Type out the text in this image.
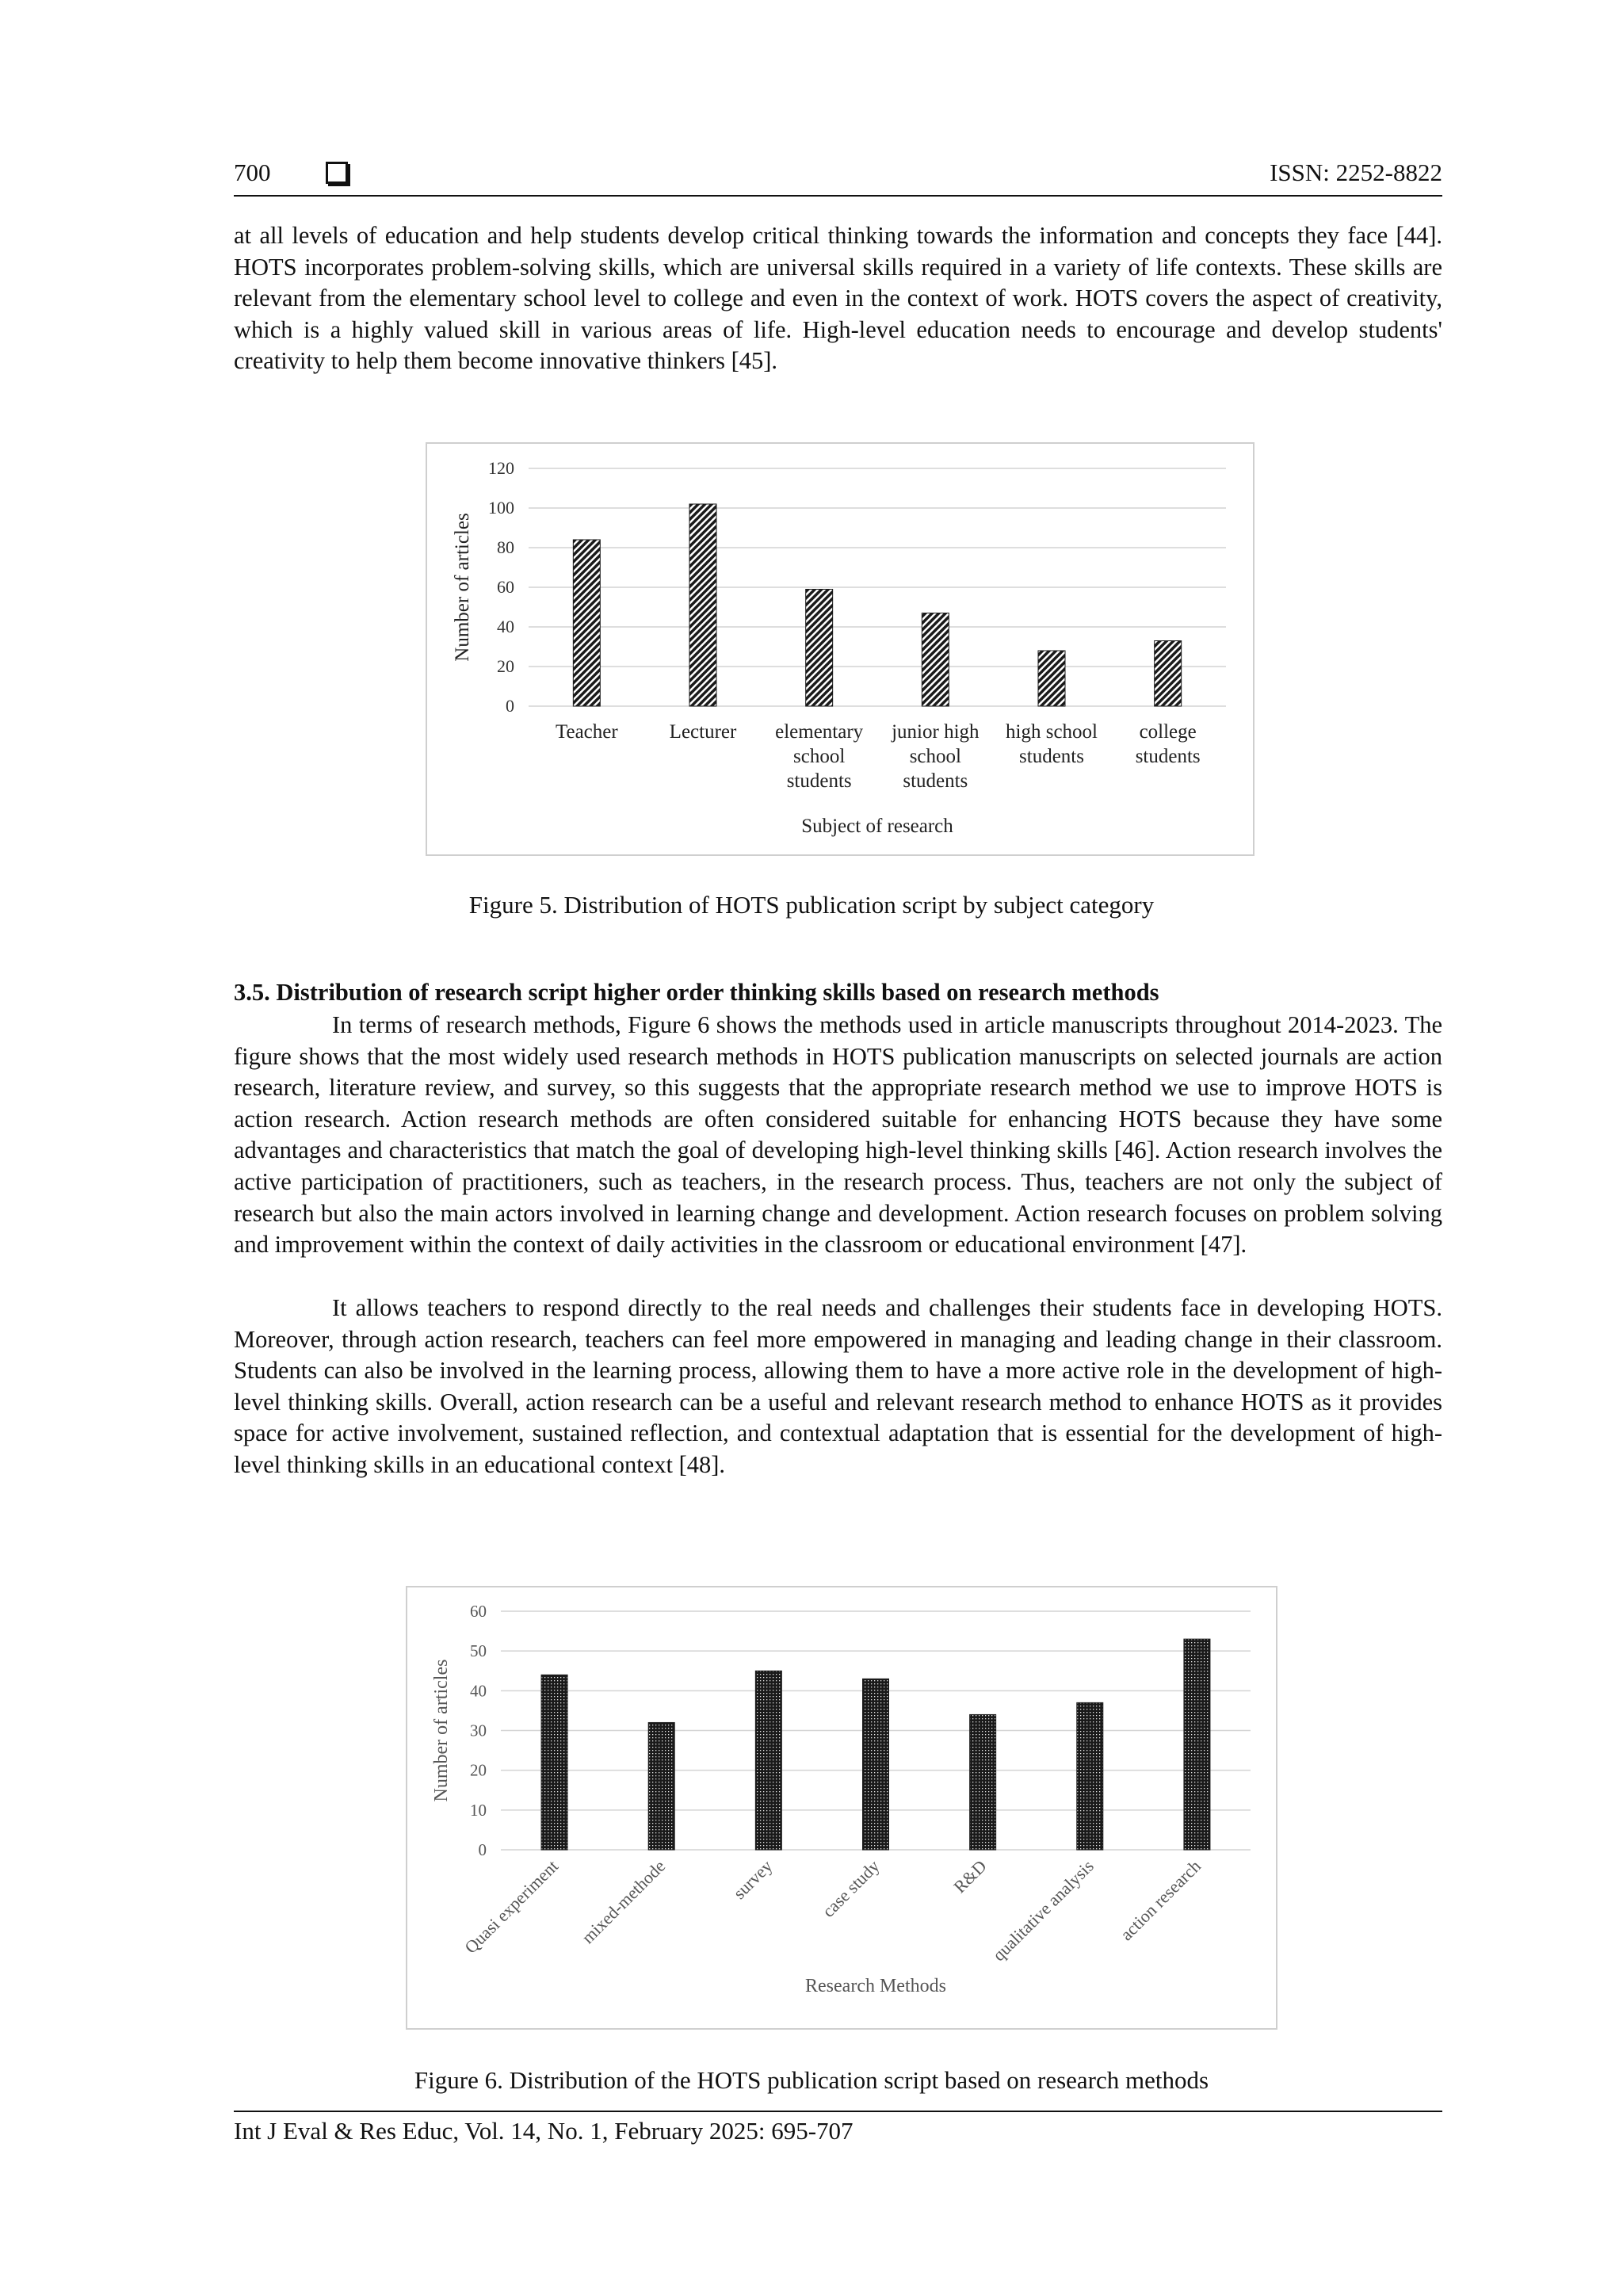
700	ISSN: 2252-8822
at all levels of education and help students develop critical thinking towards the information and concepts they face [44]. HOTS incorporates problem-solving skills, which are universal skills required in a variety of life contexts. These skills are relevant from the elementary school level to college and even in the context of work. HOTS covers the aspect of creativity, which is a highly valued skill in various areas of life. High-level education needs to encourage and develop students' creativity to help them become innovative thinkers [45].
0
20
40
60
80
100
120
Teacher	Lecturer elementary school students
junior high school students
high school students
college students
Subject of research
Number of articles
Figure 5. Distribution of HOTS publication script by subject category
3.5. Distribution of research script higher order thinking skills based on research methods
In terms of research methods, Figure 6 shows the methods used in article manuscripts throughout 2014-2023. The figure shows that the most widely used research methods in HOTS publication manuscripts on selected journals are action research, literature review, and survey, so this suggests that the appropriate research method we use to improve HOTS is action research. Action research methods are often considered suitable for enhancing HOTS because they have some advantages and characteristics that match the goal of developing high-level thinking skills [46]. Action research involves the active participation of practitioners, such as teachers, in the research process. Thus, teachers are not only the subject of research but also the main actors involved in learning change and development. Action research focuses on problem solving and improvement within the context of daily activities in the classroom or educational environment [47].
It allows teachers to respond directly to the real needs and challenges their students face in developing HOTS. Moreover, through action research, teachers can feel more empowered in managing and leading change in their classroom. Students can also be involved in the learning process, allowing them to have a more active role in the development of high- level thinking skills. Overall, action research can be a useful and relevant research method to enhance HOTS as it provides space for active involvement, sustained reflection, and contextual adaptation that is essential for the development of high-level thinking skills in an educational context [48].
0
10
20
30
40
50
60
Quasi experiment mixed-methode	survey case study	R&D
qualitative analysis action research
Research Methods
Number of articles
Figure 6. Distribution of the HOTS publication script based on research methods
Int J Eval & Res Educ, Vol. 14, No. 1, February 2025: 695-707
